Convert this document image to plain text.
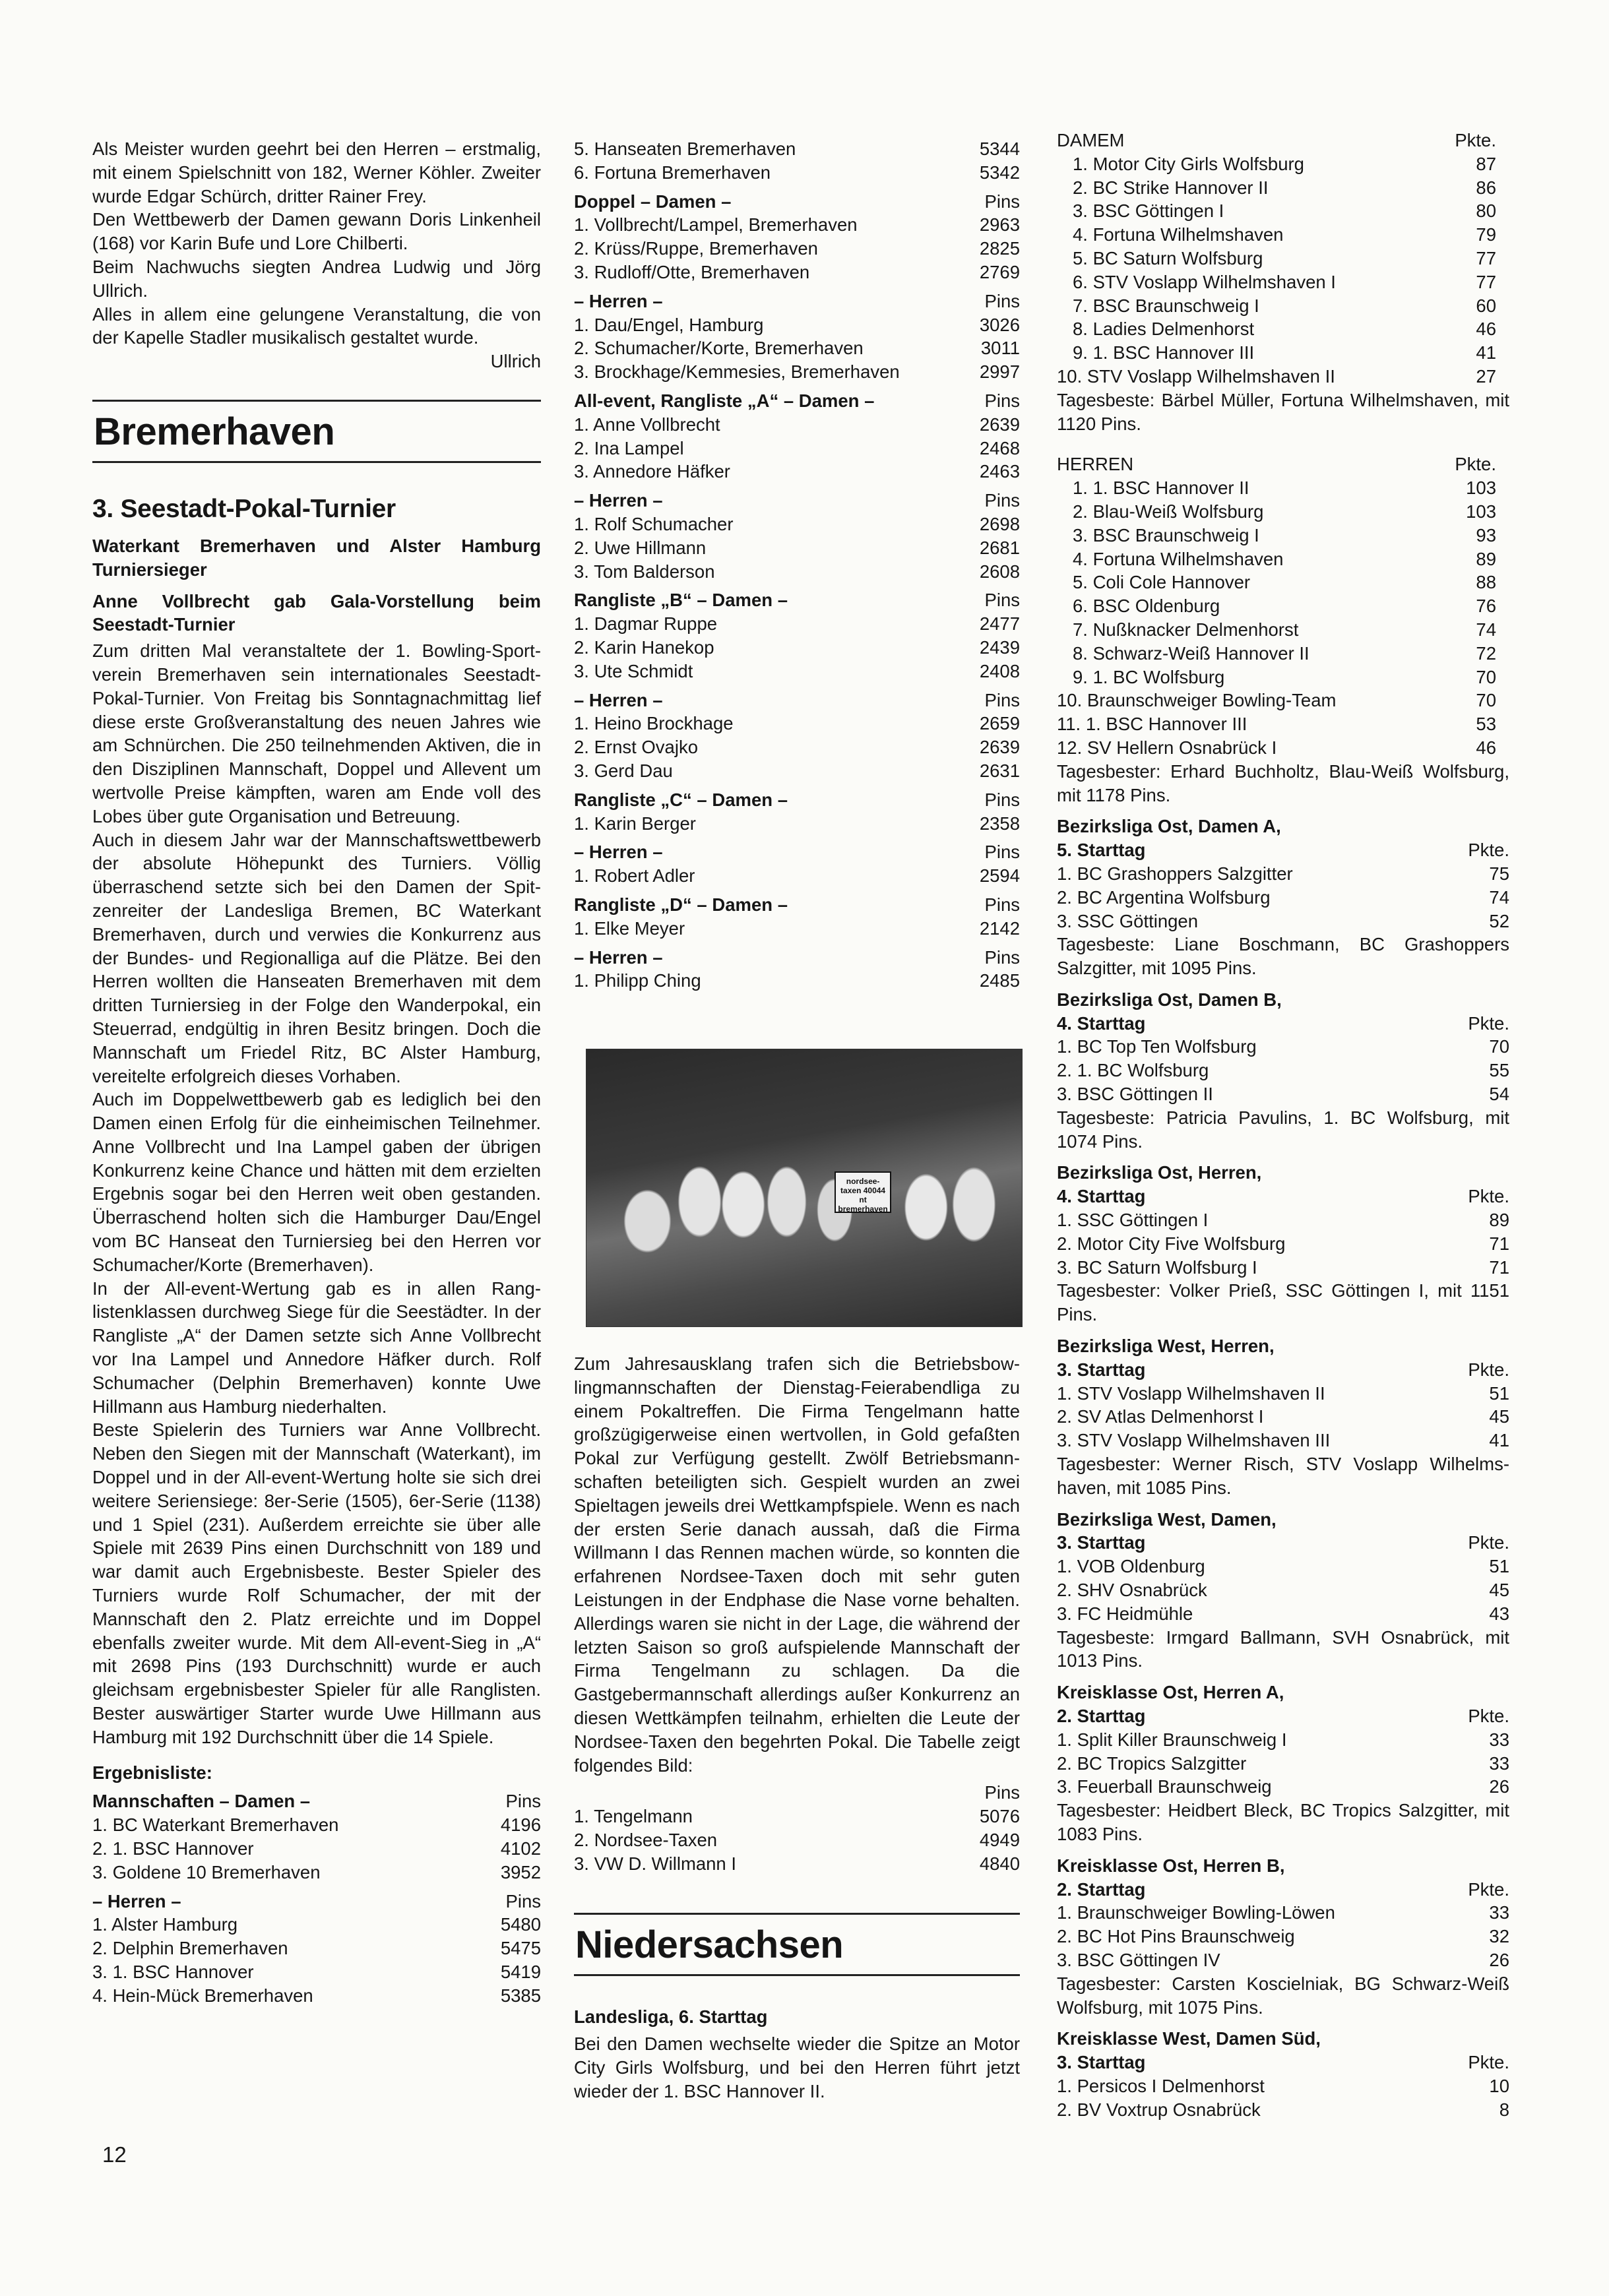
Als Meister wurden geehrt bei den Herren – erstmalig, mit einem Spielschnitt von 182, Werner Köhler. Zweiter wurde Edgar Schürch, dritter Rainer Frey.

Den Wettbewerb der Damen gewann Doris Linkenheil (168) vor Karin Bufe und Lore Chilberti.

Beim Nachwuchs siegten Andrea Ludwig und Jörg Ullrich.

Alles in allem eine gelungene Veranstaltung, die von der Kapelle Stadler musikalisch gestaltet wurde.

Ullrich
Bremerhaven
3. Seestadt-Pokal-Turnier

Waterkant Bremerhaven und Alster Hamburg Turniersieger

Anne Vollbrecht gab Gala-Vorstellung beim Seestadt-Turnier

Zum dritten Mal veranstaltete der 1. Bowling-Sportverein Bremerhaven sein internationales Seestadt-Pokal-Turnier. Von Freitag bis Sonntagnachmittag lief diese erste Großveranstaltung des neuen Jahres wie am Schnürchen. Die 250 teilnehmenden Aktiven, die in den Disziplinen Mannschaft, Doppel und Allevent um wertvolle Preise kämpften, waren am Ende voll des Lobes über gute Organisation und Betreuung.

Auch in diesem Jahr war der Mannschaftswettbewerb der absolute Höhepunkt des Turniers. Völlig überraschend setzte sich bei den Damen der Spitzenreiter der Landesliga Bremen, BC Waterkant Bremerhaven, durch und verwies die Konkurrenz aus der Bundes- und Regionalliga auf die Plätze. Bei den Herren wollten die Hanseaten Bremerhaven mit dem dritten Turniersieg in der Folge den Wanderpokal, ein Steuerrad, endgültig in ihren Besitz bringen. Doch die Mannschaft um Friedel Ritz, BC Alster Hamburg, vereitelte erfolgreich dieses Vorhaben.

Auch im Doppelwettbewerb gab es lediglich bei den Damen einen Erfolg für die einheimischen Teilnehmer. Anne Vollbrecht und Ina Lampel gaben der übrigen Konkurrenz keine Chance und hätten mit dem erzielten Ergebnis sogar bei den Herren weit oben gestanden. Überraschend holten sich die Hamburger Dau/Engel vom BC Hanseat den Turniersieg bei den Herren vor Schumacher/Korte (Bremerhaven).

In der All-event-Wertung gab es in allen Ranglistenklassen durchweg Siege für die Seestädter. In der Rangliste „A“ der Damen setzte sich Anne Vollbrecht vor Ina Lampel und Annedore Häfker durch. Rolf Schumacher (Delphin Bremerhaven) konnte Uwe Hillmann aus Hamburg niederhalten.

Beste Spielerin des Turniers war Anne Vollbrecht. Neben den Siegen mit der Mannschaft (Waterkant), im Doppel und in der All-event-Wertung holte sie sich drei weitere Seriensiege: 8er-Serie (1505), 6er-Serie (1138) und 1 Spiel (231). Außerdem erreichte sie über alle Spiele mit 2639 Pins einen Durchschnitt von 189 und war damit auch Ergebnisbeste. Bester Spieler des Turniers wurde Rolf Schumacher, der mit der Mannschaft den 2. Platz erreichte und im Doppel ebenfalls zweiter wurde. Mit dem All-event-Sieg in „A“ mit 2698 Pins (193 Durchschnitt) wurde er auch gleichsam ergebnisbester Spieler für alle Ranglisten. Bester auswärtiger Starter wurde Uwe Hillmann aus Hamburg mit 192 Durchschnitt über die 14 Spiele.

Ergebnisliste:
Mannschaften – Damen –	Pins
1. BC Waterkant Bremerhaven	4196
2. 1. BSC Hannover	4102
3. Goldene 10 Bremerhaven	3952
– Herren –	Pins
1. Alster Hamburg	5480
2. Delphin Bremerhaven	5475
3. 1. BSC Hannover	5419
4. Hein-Mück Bremerhaven	5385
5. Hanseaten Bremerhaven	5344
6. Fortuna Bremerhaven	5342
Doppel – Damen –	Pins
1. Vollbrecht/Lampel, Bremerhaven	2963
2. Krüss/Ruppe, Bremerhaven	2825
3. Rudloff/Otte, Bremerhaven	2769
– Herren –	Pins
1. Dau/Engel, Hamburg	3026
2. Schumacher/Korte, Bremerhaven	3011
3. Brockhage/Kemmesies, Bremerhaven	2997
All-event, Rangliste „A“ – Damen –	Pins
1. Anne Vollbrecht	2639
2. Ina Lampel	2468
3. Annedore Häfker	2463
– Herren –	Pins
1. Rolf Schumacher	2698
2. Uwe Hillmann	2681
3. Tom Balderson	2608
Rangliste „B“ – Damen –	Pins
1. Dagmar Ruppe	2477
2. Karin Hanekop	2439
3. Ute Schmidt	2408
– Herren –	Pins
1. Heino Brockhage	2659
2. Ernst Ovajko	2639
3. Gerd Dau	2631
Rangliste „C“ – Damen –	Pins
1. Karin Berger	2358
– Herren –	Pins
1. Robert Adler	2594
Rangliste „D“ – Damen –	Pins
1. Elke Meyer	2142
– Herren –	Pins
1. Philipp Ching	2485
nordsee-taxen 40044 nt bremerhaven

Zum Jahresausklang trafen sich die Betriebsbowlingmannschaften der Dienstag-Feierabendliga zu einem Pokaltreffen. Die Firma Tengelmann hatte großzügigerweise einen wertvollen, in Gold gefaßten Pokal zur Verfügung gestellt. Zwölf Betriebsmannschaften beteiligten sich. Gespielt wurden an zwei Spieltagen jeweils drei Wettkampfspiele. Wenn es nach der ersten Serie danach aussah, daß die Firma Willmann I das Rennen machen würde, so konnten die erfahrenen Nordsee-Taxen doch mit sehr guten Leistungen in der Endphase die Nase vorne behalten. Allerdings waren sie nicht in der Lage, die während der letzten Saison so groß aufspielende Mannschaft der Firma Tengelmann zu schlagen. Da die Gastgebermannschaft allerdings außer Konkurrenz an diesen Wettkämpfen teilnahm, erhielten die Leute der Nordsee-Taxen den begehrten Pokal. Die Tabelle zeigt folgendes Bild:

Pins
1. Tengelmann	5076
2. Nordsee-Taxen	4949
3. VW D. Willmann I	4840
Niedersachsen
Landesliga, 6. Starttag

Bei den Damen wechselte wieder die Spitze an Motor City Girls Wolfsburg, und bei den Herren führt jetzt wieder der 1. BSC Hannover II.

DAMEM	Pkte.
1. Motor City Girls Wolfsburg	87
2. BC Strike Hannover II	86
3. BSC Göttingen I	80
4. Fortuna Wilhelmshaven	79
5. BC Saturn Wolfsburg	77
6. STV Voslapp Wilhelmshaven I	77
7. BSC Braunschweig I	60
8. Ladies Delmenhorst	46
9. 1. BSC Hannover III	41
10. STV Voslapp Wilhelmshaven II	27

Tagesbeste: Bärbel Müller, Fortuna Wilhelmshaven, mit 1120 Pins.

HERREN	Pkte.
1. 1. BSC Hannover II	103
2. Blau-Weiß Wolfsburg	103
3. BSC Braunschweig I	93
4. Fortuna Wilhelmshaven	89
5. Coli Cole Hannover	88
6. BSC Oldenburg	76
7. Nußknacker Delmenhorst	74
8. Schwarz-Weiß Hannover II	72
9. 1. BC Wolfsburg	70
10. Braunschweiger Bowling-Team	70
11. 1. BSC Hannover III	53
12. SV Hellern Osnabrück I	46

Tagesbester: Erhard Buchholtz, Blau-Weiß Wolfsburg, mit 1178 Pins.

Bezirksliga Ost, Damen A,
5. Starttag	Pkte.
1. BC Grashoppers Salzgitter	75
2. BC Argentina Wolfsburg	74
3. SSC Göttingen	52

Tagesbeste: Liane Boschmann, BC Grashoppers Salzgitter, mit 1095 Pins.

Bezirksliga Ost, Damen B,
4. Starttag	Pkte.
1. BC Top Ten Wolfsburg	70
2. 1. BC Wolfsburg	55
3. BSC Göttingen II	54

Tagesbeste: Patricia Pavulins, 1. BC Wolfsburg, mit 1074 Pins.

Bezirksliga Ost, Herren,
4. Starttag	Pkte.
1. SSC Göttingen I	89
2. Motor City Five Wolfsburg	71
3. BC Saturn Wolfsburg I	71

Tagesbester: Volker Prieß, SSC Göttingen I, mit 1151 Pins.

Bezirksliga West, Herren,
3. Starttag	Pkte.
1. STV Voslapp Wilhelmshaven II	51
2. SV Atlas Delmenhorst I	45
3. STV Voslapp Wilhelmshaven III	41

Tagesbester: Werner Risch, STV Voslapp Wilhelmshaven, mit 1085 Pins.

Bezirksliga West, Damen,
3. Starttag	Pkte.
1. VOB Oldenburg	51
2. SHV Osnabrück	45
3. FC Heidmühle	43

Tagesbeste: Irmgard Ballmann, SVH Osnabrück, mit 1013 Pins.

Kreisklasse Ost, Herren A,
2. Starttag	Pkte.
1. Split Killer Braunschweig I	33
2. BC Tropics Salzgitter	33
3. Feuerball Braunschweig	26

Tagesbester: Heidbert Bleck, BC Tropics Salzgitter, mit 1083 Pins.

Kreisklasse Ost, Herren B,
2. Starttag	Pkte.
1. Braunschweiger Bowling-Löwen	33
2. BC Hot Pins Braunschweig	32
3. BSC Göttingen IV	26

Tagesbester: Carsten Koscielniak, BG Schwarz-Weiß Wolfsburg, mit 1075 Pins.

Kreisklasse West, Damen Süd,
3. Starttag	Pkte.
1. Persicos I Delmenhorst	10
2. BV Voxtrup Osnabrück	8
12
